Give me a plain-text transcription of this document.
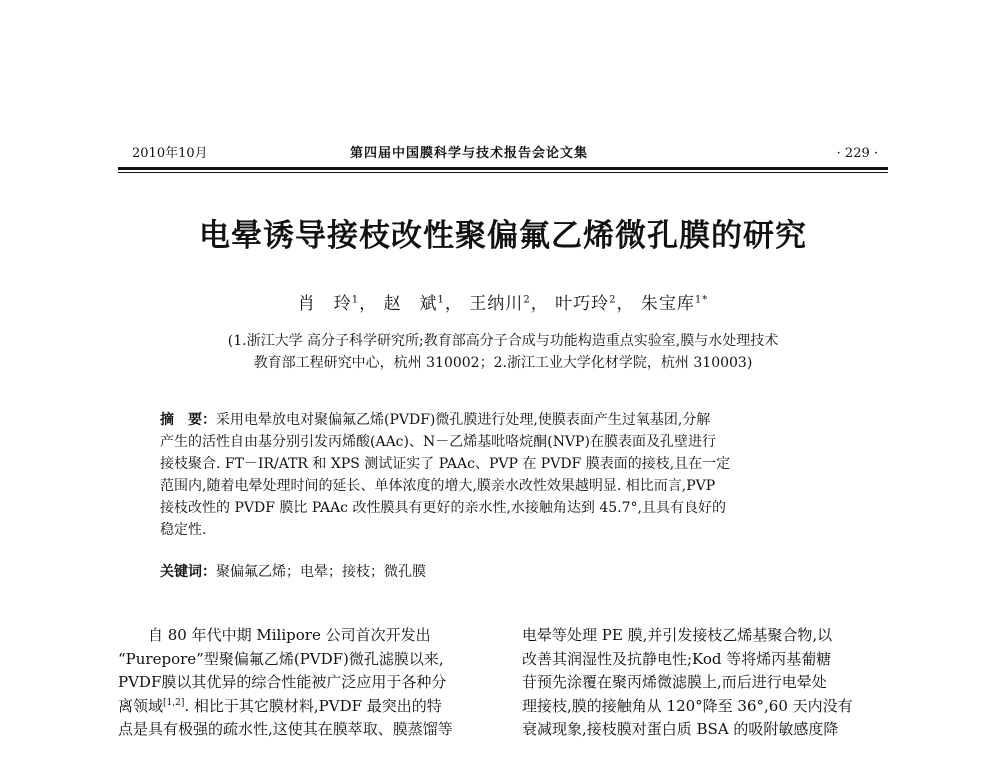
2010年10月	第四届中国膜科学与技术报告会论文集	· 229 ·
电晕诱导接枝改性聚偏氟乙烯微孔膜的研究
肖　玲$^1$， 赵　斌$^1$， 王纳川$^2$， 叶巧玲$^2$， 朱宝库$^{1*}$
(1.浙江大学 高分子科学研究所;教育部高分子合成与功能构造重点实验室,膜与水处理技术
教育部工程研究中心，杭州 310002；2.浙江工业大学化材学院，杭州 310003)
摘　要：采用电晕放电对聚偏氟乙烯(PVDF)微孔膜进行处理,使膜表面产生过氧基团,分解
产生的活性自由基分别引发丙烯酸(AAc)、N－乙烯基吡咯烷酮(NVP)在膜表面及孔壁进行
接枝聚合. FT－IR/ATR 和 XPS 测试证实了 PAAc、PVP 在 PVDF 膜表面的接枝,且在一定
范围内,随着电晕处理时间的延长、单体浓度的增大,膜亲水改性效果越明显. 相比而言,PVP
接枝改性的 PVDF 膜比 PAAc 改性膜具有更好的亲水性,水接触角达到 45.7°,且具有良好的
稳定性.
关键词：聚偏氟乙烯；电晕；接枝；微孔膜
　　自 80 年代中期 Milipore 公司首次开发出
“Purepore”型聚偏氟乙烯(PVDF)微孔滤膜以来,
PVDF膜以其优异的综合性能被广泛应用于各种分
离领域[1,2]. 相比于其它膜材料,PVDF 最突出的特
点是具有极强的疏水性,这使其在膜萃取、膜蒸馏等
电晕等处理 PE 膜,并引发接枝乙烯基聚合物,以
改善其润湿性及抗静电性;Kod 等将烯丙基葡糖
苷预先涂覆在聚丙烯微滤膜上,而后进行电晕处
理接枝,膜的接触角从 120°降至 36°,60 天内没有
衰减现象,接枝膜对蛋白质 BSA 的吸附敏感度降
